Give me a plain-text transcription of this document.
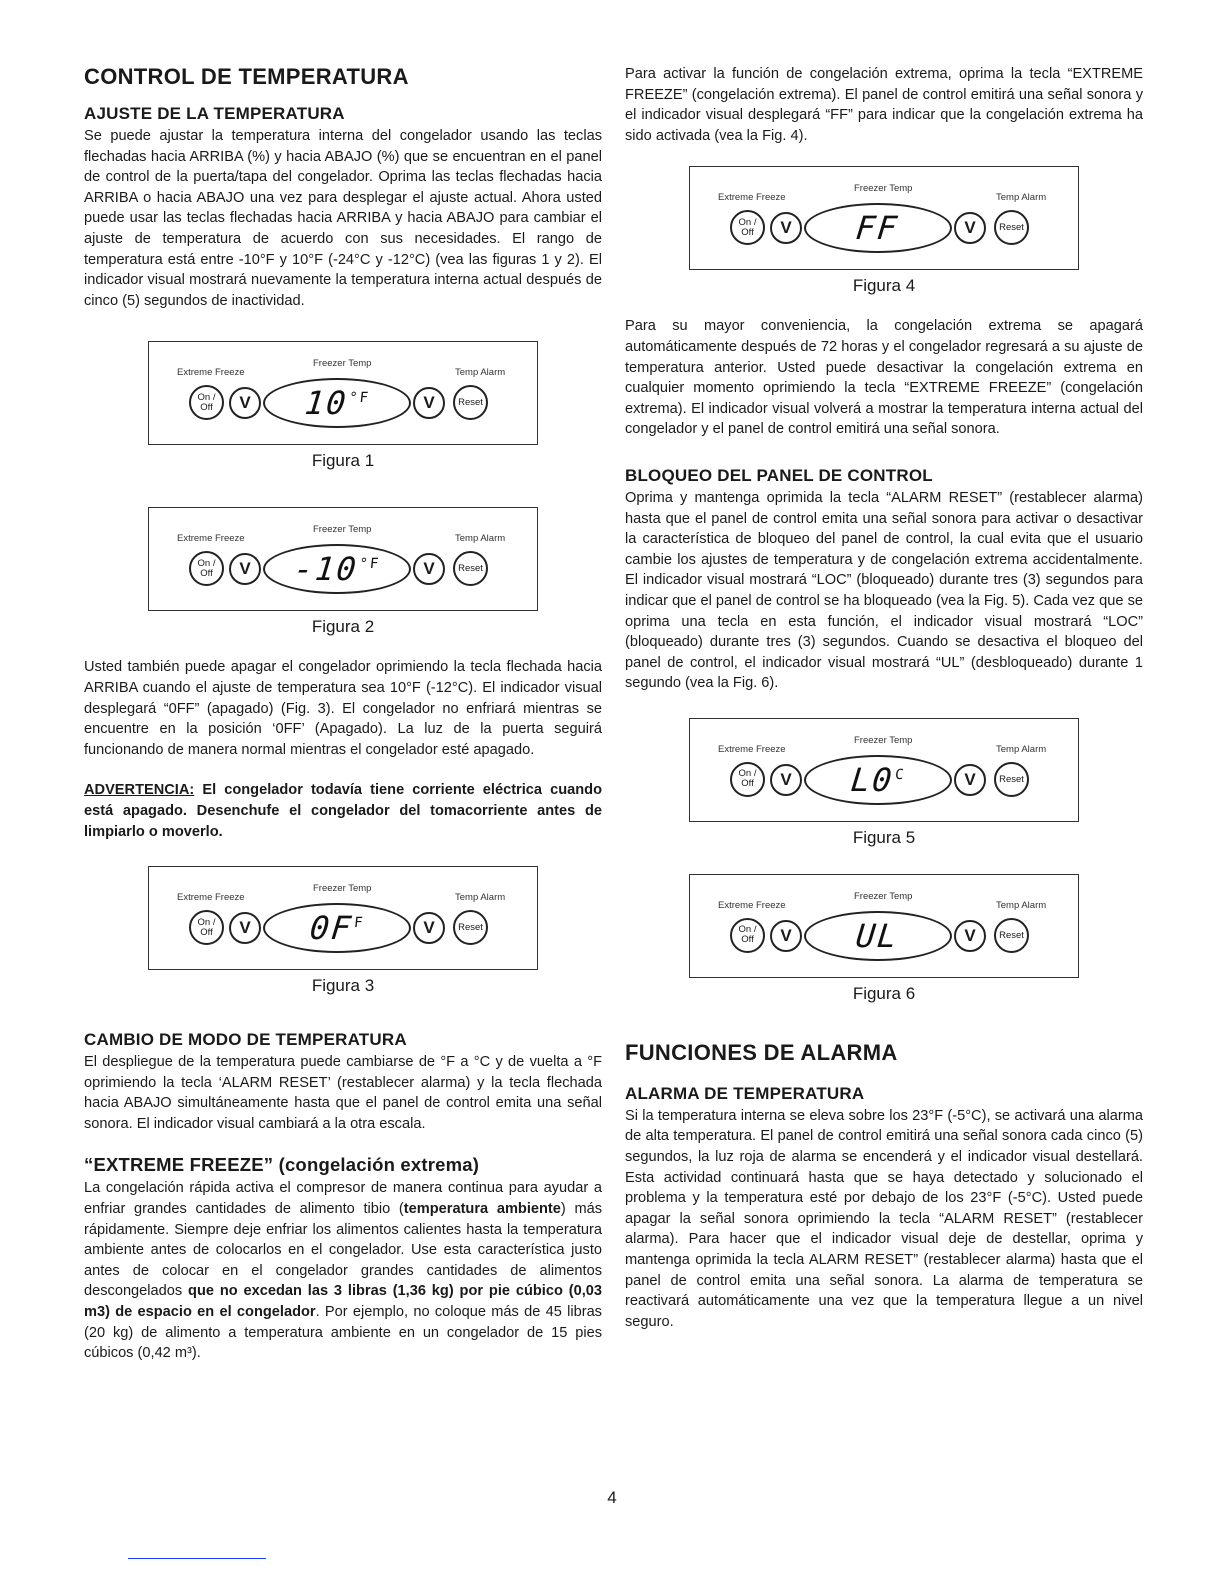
CONTROL DE TEMPERATURA
AJUSTE DE LA TEMPERATURA

Se puede ajustar la temperatura interna del congelador usando las teclas flechadas hacia ARRIBA (%) y hacia ABAJO (%) que se encuentran en el panel de control de la puerta/tapa del congelador. Oprima las teclas flechadas hacia ARRIBA o hacia ABAJO una vez para desplegar el ajuste actual. Ahora usted puede usar las teclas flechadas hacia ARRIBA y hacia ABAJO para cambiar el ajuste de temperatura de acuerdo con sus necesidades. El rango de temperatura está entre -10°F y 10°F (-24°C y -12°C) (vea las figuras 1 y 2). El indicador visual mostrará nuevamente la temperatura interna actual después de cinco (5) segundos de inactividad.

Extreme Freeze
Freezer Temp
Temp Alarm
On /
Off	V	$10^{^\circ F}$	V	Reset
Figura 1
Extreme Freeze
Freezer Temp
Temp Alarm
On /
Off	V	$-10^{^\circ F}$	V	Reset
Figura 2

Usted también puede apagar el congelador oprimiendo la tecla flechada hacia ARRIBA cuando el ajuste de temperatura sea 10°F (-12°C). El indicador visual desplegará “0FF” (apagado) (Fig. 3). El congelador no enfriará mientras se encuentre en la posición ‘0FF’ (Apagado). La luz de la puerta seguirá funcionando de manera normal mientras el congelador esté apagado.

ADVERTENCIA: El congelador todavía tiene corriente eléctrica cuando está apagado. Desenchufe el congelador del tomacorriente antes de limpiarlo o moverlo.

Extreme Freeze
Freezer Temp
Temp Alarm
On /
Off	V	$0F^F$	V	Reset
Figura 3
CAMBIO DE MODO DE TEMPERATURA

El despliegue de la temperatura puede cambiarse de °F a °C y de vuelta a °F oprimiendo la tecla ‘ALARM RESET’ (restablecer alarma) y la tecla flechada hacia ABAJO simultáneamente hasta que el panel de control emita una señal sonora. El indicador visual cambiará a la otra escala.

“EXTREME FREEZE” (congelación extrema)

La congelación rápida activa el compresor de manera continua para ayudar a enfriar grandes cantidades de alimento tibio (temperatura ambiente) más rápidamente. Siempre deje enfriar los alimentos calientes hasta la temperatura ambiente antes de colocarlos en el congelador. Use esta característica justo antes de colocar en el congelador grandes cantidades de alimentos descongelados que no excedan las 3 libras (1,36 kg) por pie cúbico (0,03 m3) de espacio en el congelador. Por ejemplo, no coloque más de 45 libras (20 kg) de alimento a temperatura ambiente en un congelador de 15 pies cúbicos (0,42 m³).

Para activar la función de congelación extrema, oprima la tecla “EXTREME FREEZE” (congelación extrema). El panel de control emitirá una señal sonora y el indicador visual desplegará “FF” para indicar que la congelación extrema ha sido activada (vea la Fig. 4).

Extreme Freeze
Freezer Temp
Temp Alarm
On /
Off	V	FF	V	Reset
Figura 4

Para su mayor conveniencia, la congelación extrema se apagará automáticamente después de 72 horas y el congelador regresará a su ajuste de temperatura anterior. Usted puede desactivar la congelación extrema en cualquier momento oprimiendo la tecla “EXTREME FREEZE” (congelación extrema). El indicador visual volverá a mostrar la temperatura interna actual del congelador y el panel de control emitirá una señal sonora.

BLOQUEO DEL PANEL DE CONTROL

Oprima y mantenga oprimida la tecla “ALARM RESET” (restablecer alarma) hasta que el panel de control emita una señal sonora para activar o desactivar la característica de bloqueo del panel de control, la cual evita que el usuario cambie los ajustes de temperatura y de congelación extrema accidentalmente. El indicador visual mostrará “LOC” (bloqueado) durante tres (3) segundos para indicar que el panel de control se ha bloqueado (vea la Fig. 5). Cada vez que se oprima una tecla en esta función, el indicador visual mostrará “LOC” (bloqueado) durante tres (3) segundos. Cuando se desactiva el bloqueo del panel de control, el indicador visual mostrará “UL” (desbloqueado) durante 1 segundo (vea la Fig. 6).

Extreme Freeze
Freezer Temp
Temp Alarm
On /
Off	V	$L0^C$	V	Reset
Figura 5
Extreme Freeze
Freezer Temp
Temp Alarm
On /
Off	V	UL	V	Reset
Figura 6
FUNCIONES DE ALARMA
ALARMA DE TEMPERATURA

Si la temperatura interna se eleva sobre los 23°F (-5°C), se activará una alarma de alta temperatura. El panel de control emitirá una señal sonora cada cinco (5) segundos, la luz roja de alarma se encenderá y el indicador visual destellará. Esta actividad continuará hasta que se haya detectado y solucionado el problema y la temperatura esté por debajo de los 23°F (-5°C). Usted puede apagar la señal sonora oprimiendo la tecla “ALARM RESET” (restablecer alarma). Para hacer que el indicador visual deje de destellar, oprima y mantenga oprimida la tecla ALARM RESET” (restablecer alarma) hasta que el panel de control emita una señal sonora. La alarma de temperatura se reactivará automáticamente una vez que la temperatura llegue a un nivel seguro.

4
